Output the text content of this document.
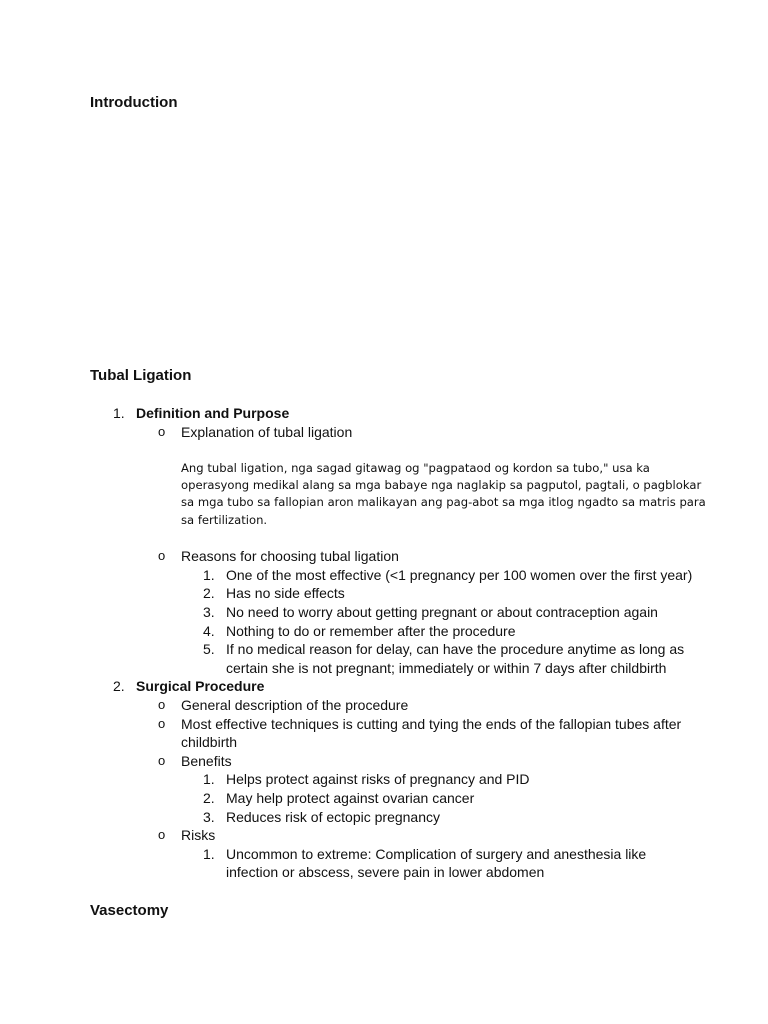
Introduction
Tubal Ligation
1. Definition and Purpose
o Explanation of tubal ligation
Ang tubal ligation, nga sagad gitawag og "pagpataod og kordon sa tubo," usa ka
operasyong medikal alang sa mga babaye nga naglakip sa pagputol, pagtali, o pagblokar
sa mga tubo sa fallopian aron malikayan ang pag-abot sa mga itlog ngadto sa matris para
sa fertilization.
o Reasons for choosing tubal ligation
1. One of the most effective (<1 pregnancy per 100 women over the first year)
2. Has no side effects
3. No need to worry about getting pregnant or about contraception again
4. Nothing to do or remember after the procedure
5. If no medical reason for delay, can have the procedure anytime as long as
certain she is not pregnant; immediately or within 7 days after childbirth
2. Surgical Procedure
o General description of the procedure
o Most effective techniques is cutting and tying the ends of the fallopian tubes after
childbirth
o Benefits
1. Helps protect against risks of pregnancy and PID
2. May help protect against ovarian cancer
3. Reduces risk of ectopic pregnancy
o Risks
1. Uncommon to extreme: Complication of surgery and anesthesia like
infection or abscess, severe pain in lower abdomen
Vasectomy
